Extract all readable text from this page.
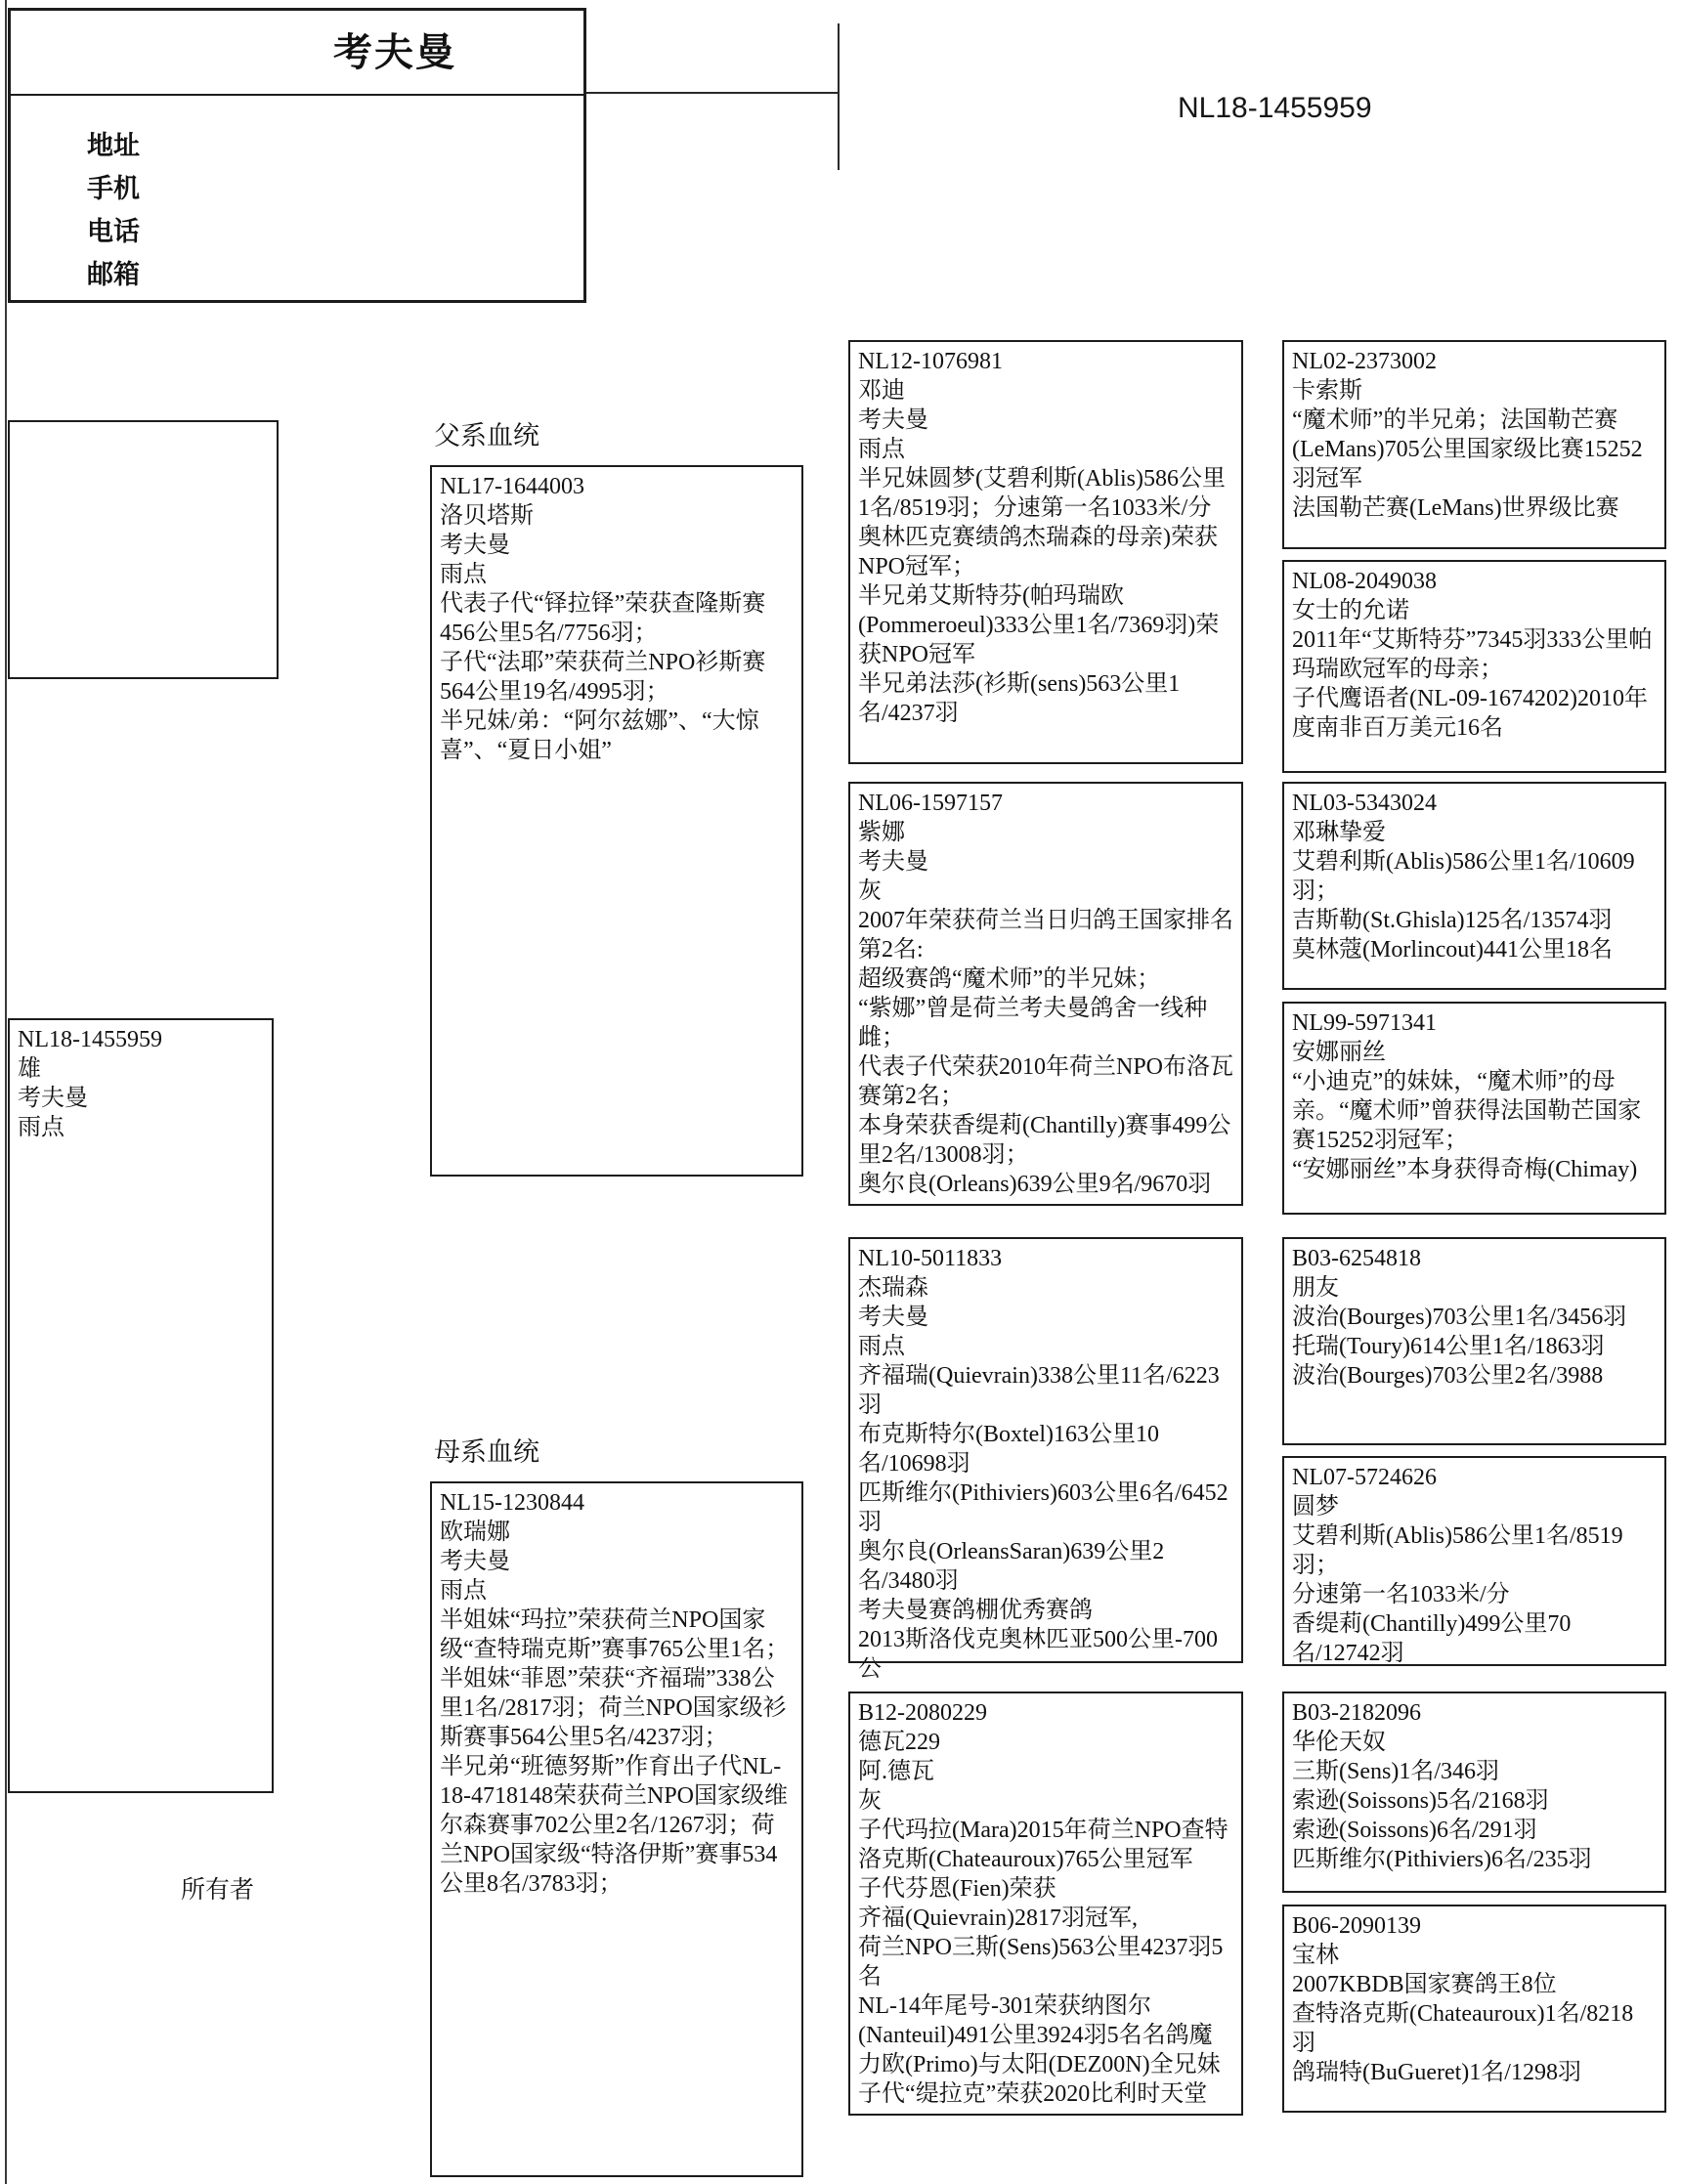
考夫曼
地址
手机
电话
邮箱
NL18-1455959
NL18-1455959
雄
考夫曼
雨点
所有者
父系血统
NL17-1644003
洛贝塔斯
考夫曼
雨点
代表子代“铎拉铎”荣获查隆斯赛456公里5名/7756羽；
子代“法耶”荣获荷兰NPO衫斯赛564公里19名/4995羽；
半兄妹/弟：“阿尔兹娜”、“大惊喜”、“夏日小姐”
母系血统
NL15-1230844
欧瑞娜
考夫曼
雨点
半姐妹“玛拉”荣获荷兰NPO国家级“查特瑞克斯”赛事765公里1名；
半姐妹“菲恩”荣获“齐福瑞”338公里1名/2817羽；荷兰NPO国家级衫斯赛事564公里5名/4237羽；
半兄弟“班德努斯”作育出子代NL-18-4718148荣获荷兰NPO国家级维尔森赛事702公里2名/1267羽；荷兰NPO国家级“特洛伊斯”赛事534公里8名/3783羽；
NL12-1076981
邓迪
考夫曼
雨点
半兄妹圆梦(艾碧利斯(Ablis)586公里1名/8519羽；分速第一名1033米/分
奥林匹克赛绩鸽杰瑞森的母亲)荣获NPO冠军；
半兄弟艾斯特芬(帕玛瑞欧(Pommeroeul)333公里1名/7369羽)荣获NPO冠军
半兄弟法莎(衫斯(sens)563公里1名/4237羽
NL06-1597157
紫娜
考夫曼
灰
2007年荣获荷兰当日归鸽王国家排名第2名:
超级赛鸽“魔术师”的半兄妹；
“紫娜”曾是荷兰考夫曼鸽舍一线种雌；
代表子代荣获2010年荷兰NPO布洛瓦赛第2名；
本身荣获香缇莉(Chantilly)赛事499公里2名/13008羽；
奥尔良(Orleans)639公里9名/9670羽
NL10-5011833
杰瑞森
考夫曼
雨点
齐福瑞(Quievrain)338公里11名/6223羽
布克斯特尔(Boxtel)163公里10名/10698羽
匹斯维尔(Pithiviers)603公里6名/6452羽
奥尔良(OrleansSaran)639公里2名/3480羽
考夫曼赛鸽棚优秀赛鸽
2013斯洛伐克奥林匹亚500公里-700公
B12-2080229
德瓦229
阿.德瓦
灰
子代玛拉(Mara)2015年荷兰NPO查特洛克斯(Chateauroux)765公里冠军
子代芬恩(Fien)荣获
齐福(Quievrain)2817羽冠军,
荷兰NPO三斯(Sens)563公里4237羽5名
NL-14年尾号-301荣获纳图尔(Nanteuil)491公里3924羽5名名鸽魔力欧(Primo)与太阳(DEZ00N)全兄妹
子代“缇拉克”荣获2020比利时天堂
NL02-2373002
卡索斯
“魔术师”的半兄弟；法国勒芒赛(LeMans)705公里国家级比赛15252羽冠军
法国勒芒赛(LeMans)世界级比赛
NL08-2049038
女士的允诺
2011年“艾斯特芬”7345羽333公里帕玛瑞欧冠军的母亲；
子代鹰语者(NL-09-1674202)2010年度南非百万美元16名
NL03-5343024
邓琳挚爱
艾碧利斯(Ablis)586公里1名/10609羽；
吉斯勒(St.Ghisla)125名/13574羽
莫林蔻(Morlincout)441公里18名
NL99-5971341
安娜丽丝
“小迪克”的妹妹，“魔术师”的母亲。“魔术师”曾获得法国勒芒国家赛15252羽冠军；
“安娜丽丝”本身获得奇梅(Chimay)
B03-6254818
朋友
波治(Bourges)703公里1名/3456羽
托瑞(Toury)614公里1名/1863羽
波治(Bourges)703公里2名/3988
NL07-5724626
圆梦
艾碧利斯(Ablis)586公里1名/8519羽；
分速第一名1033米/分
香缇莉(Chantilly)499公里70名/12742羽
B03-2182096
华伦天奴
三斯(Sens)1名/346羽
索逊(Soissons)5名/2168羽
索逊(Soissons)6名/291羽
匹斯维尔(Pithiviers)6名/235羽
B06-2090139
宝林
2007KBDB国家赛鸽王8位
查特洛克斯(Chateauroux)1名/8218羽
鸽瑞特(BuGueret)1名/1298羽
